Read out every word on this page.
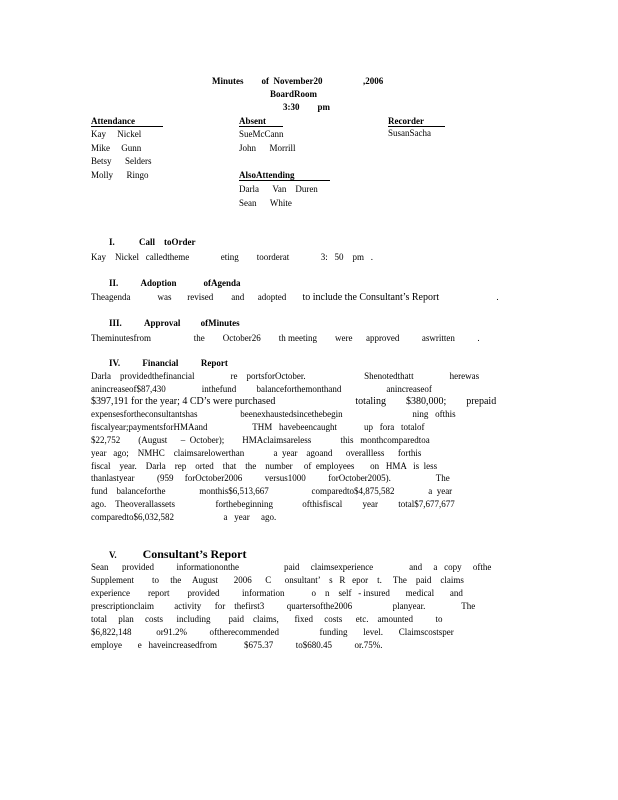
Minutes        of  November20                  ,2006
BoardRoom
3:30        pm
Attendance
Kay     Nickel
Mike     Gunn
Betsy      Selders
Molly      Ringo
Absent
SueMcCann
John      Morrill
Recorder
SusanSacha
AlsoAttending
Darla      Van    Duren
Sean      White
I.	Call    toOrder
Kay    Nickel   calledtheme              eting        toorderat              3:   50    pm   .
II. Adoption            ofAgenda
Theagenda            was       revised        and      adopted to include the Consultant’s Report	.
III. Approval         ofMinutes
Theminutesfrom                   the        October26        th meeting        were      approved          aswritten          .
IV. Financial          Report
Darla    providedthefinancial                re    portsforOctober.                          Shenotedthatt                herewas
anincreaseof$87,430                inthefund         balanceforthemonthand                    anincreaseof
$397,191 for the year; 4 CD’s were purchased                                totaling        $380,000;        prepaid
expensesfortheconsultantshas                   beenexhaustedsincethebegin                               ning   ofthis
fiscalyear;paymentsforHMAand                    THM   havebeencaught            up   fora   totalof
$22,752        (August      –  October);        HMAclaimsareless             this   monthcomparedtoa
year   ago;    NMHC    claimsarelowerthan             a  year    agoand      overallless      forthis
fiscal    year.    Darla    rep    orted    that    the    number     of  employees       on   HMA   is  less
thanlastyear          (959     forOctober2006          versus1000          forOctober2005).                    The
fund    balanceforthe               monthis$6,513,667                   comparedto$4,875,582               a  year
ago.    Theoverallassets                  forthebeginning             ofthisfiscal         year         total$7,677,677
comparedto$6,032,582                      a   year     ago.
V. Consultant’s Report
Sean      provided          informationonthe                    paid     claimsexperience                and     a   copy     ofthe
Supplement        to     the     August       2006      C      onsultant’    s   R   epor    t.     The    paid    claims
experience        report        provided          information            o    n    self   - insured       medical       and
prescriptionclaim         activity      for    thefirst3          quartersofthe2006                  planyear.                The
total     plan     costs      including        paid    claims,       fixed     costs      etc.    amounted          to
$6,822,148           or91.2%          oftherecommended                  funding       level.       Claimscostsper
employe       e   haveincreasedfrom            $675.37          to$680.45          or.75%.
